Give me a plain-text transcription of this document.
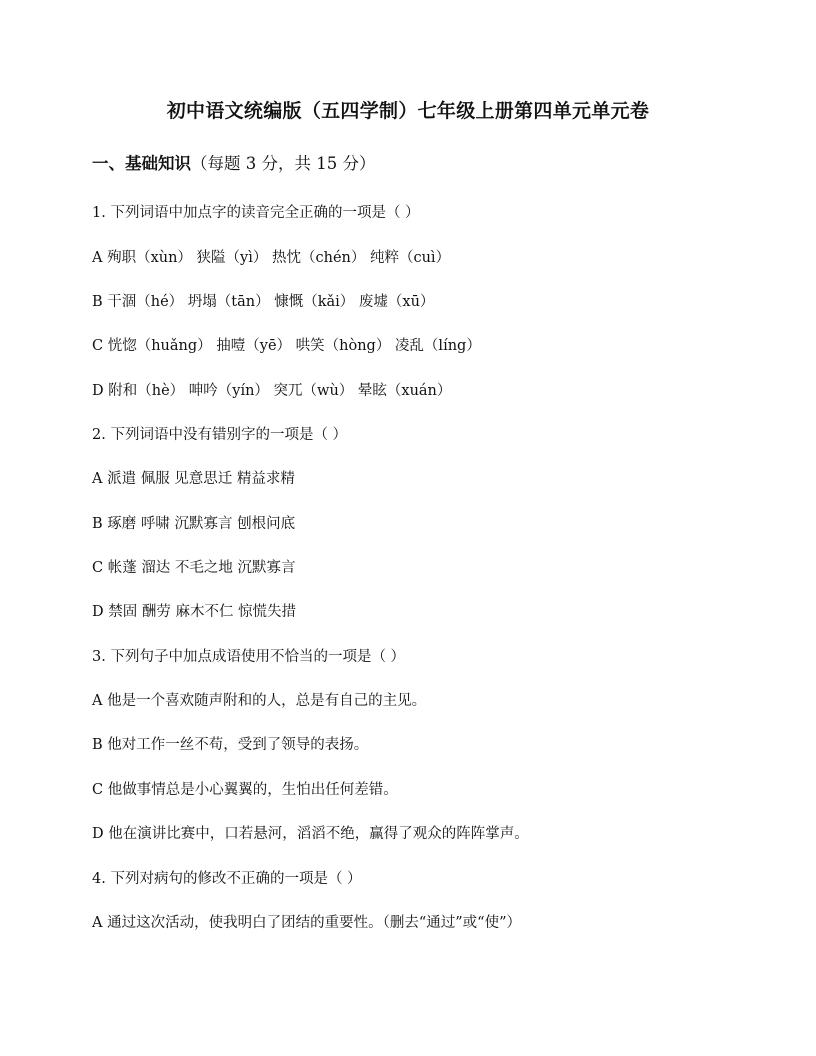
初中语文统编版（五四学制）七年级上册第四单元单元卷
一、基础知识（每题 3 分，共 15 分）
1. 下列词语中加点字的读音完全正确的一项是（ ）
A 殉职（xùn） 狭隘（yì） 热忱（chén） 纯粹（cuì）
B 干涸（hé） 坍塌（tān） 慷慨（kǎi） 废墟（xū）
C 恍惚（huǎng） 抽噎（yē） 哄笑（hòng） 凌乱（líng）
D 附和（hè） 呻吟（yín） 突兀（wù） 晕眩（xuán）
2. 下列词语中没有错别字的一项是（ ）
A 派遣 佩服 见意思迁 精益求精
B 琢磨 呼啸 沉默寡言 刨根问底
C 帐蓬 溜达 不毛之地 沉默寡言
D 禁固 酬劳 麻木不仁 惊慌失措
3. 下列句子中加点成语使用不恰当的一项是（ ）
A 他是一个喜欢随声附和的人，总是有自己的主见。
B 他对工作一丝不苟，受到了领导的表扬。
C 他做事情总是小心翼翼的，生怕出任何差错。
D 他在演讲比赛中，口若悬河，滔滔不绝，赢得了观众的阵阵掌声。
4. 下列对病句的修改不正确的一项是（ ）
A 通过这次活动，使我明白了团结的重要性。（删去“通过”或“使”）
